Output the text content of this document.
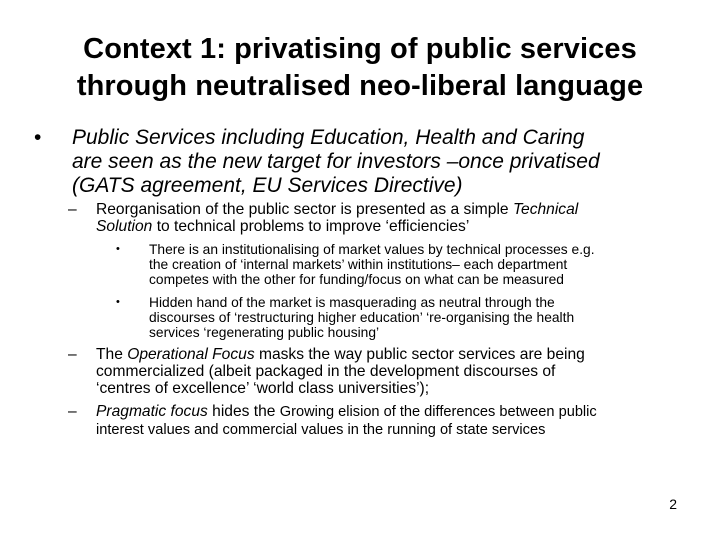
Context 1: privatising of public services
through neutralised neo-liberal language
• Public Services including Education, Health and Caring
are seen as the new target for investors –once privatised
(GATS agreement, EU Services Directive)
– Reorganisation of the public sector is presented as a simple Technical
Solution to technical problems to improve ‘efficiencies’
• There is an institutionalising of market values by technical processes e.g.
the creation of ‘internal markets’ within institutions– each department
competes with the other for funding/focus on what can be measured
• Hidden hand of the market is masquerading as neutral through the
discourses of ‘restructuring higher education’ ‘re-organising the health
services ‘regenerating public housing’
– The Operational Focus masks the way public sector services are being
commercialized (albeit packaged in the development discourses of
‘centres of excellence’ ‘world class universities’);
– Pragmatic focus hides the Growing elision of the differences between public
interest values and commercial values in the running of state services
2
